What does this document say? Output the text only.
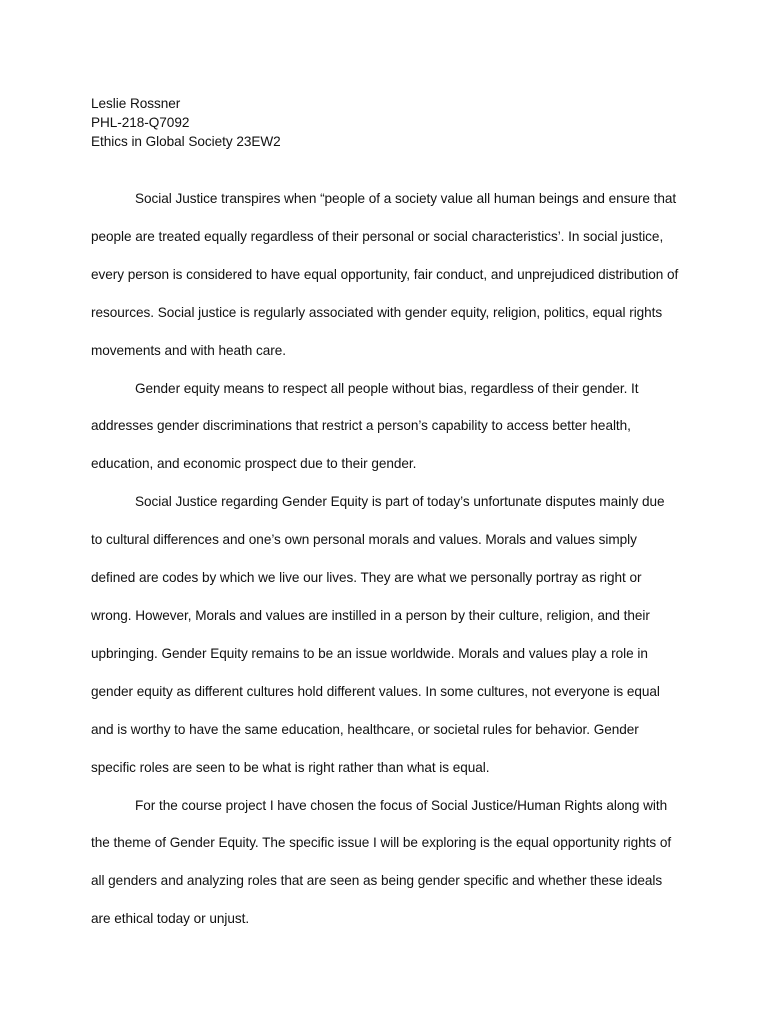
Leslie Rossner
PHL-218-Q7092
Ethics in Global Society 23EW2

Social Justice transpires when “people of a society value all human beings and ensure that people are treated equally regardless of their personal or social characteristics’. In social justice, every person is considered to have equal opportunity, fair conduct, and unprejudiced distribution of resources. Social justice is regularly associated with gender equity, religion, politics, equal rights movements and with heath care.

Gender equity means to respect all people without bias, regardless of their gender. It addresses gender discriminations that restrict a person’s capability to access better health, education, and economic prospect due to their gender.

Social Justice regarding Gender Equity is part of today’s unfortunate disputes mainly due to cultural differences and one’s own personal morals and values. Morals and values simply defined are codes by which we live our lives. They are what we personally portray as right or wrong. However, Morals and values are instilled in a person by their culture, religion, and their upbringing. Gender Equity remains to be an issue worldwide. Morals and values play a role in gender equity as different cultures hold different values. In some cultures, not everyone is equal and is worthy to have the same education, healthcare, or societal rules for behavior. Gender specific roles are seen to be what is right rather than what is equal.

For the course project I have chosen the focus of Social Justice/Human Rights along with the theme of Gender Equity. The specific issue I will be exploring is the equal opportunity rights of all genders and analyzing roles that are seen as being gender specific and whether these ideals are ethical today or unjust.
